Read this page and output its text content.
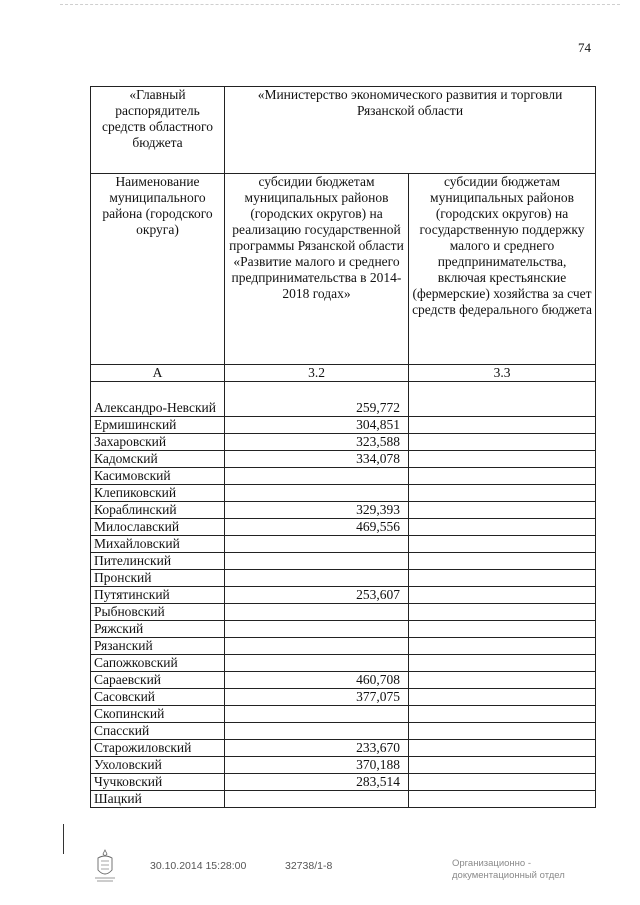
74
«Главный распорядитель средств областного бюджета	«Министерство экономического развития и торговли Рязанской области	
Наименование муниципального района (городского округа)	субсидии бюджетам муниципальных районов (городских округов) на реализацию государственной программы Рязанской области «Развитие малого и среднего предпринимательства в 2014-2018 годах»	субсидии бюджетам муниципальных районов (городских округов) на государственную поддержку малого и среднего предпринимательства, включая крестьянские (фермерские) хозяйства за счет средств федерального бюджета
А	3.2	3.3
Александро-Невский	259,772	
Ермишинский	304,851	
Захаровский	323,588	
Кадомский	334,078	
Касимовский		
Клепиковский		
Кораблинский	329,393	
Милославский	469,556	
Михайловский		
Пителинский		
Пронский		
Путятинский	253,607	
Рыбновский		
Ряжский		
Рязанский		
Сапожковский		
Сараевский	460,708	
Сасовский	377,075	
Скопинский		
Спасский		
Старожиловский	233,670	
Ухоловский	370,188	
Чучковский	283,514	
Шацкий		
30.10.2014 15:28:00	32738/1-8	Организационно -
документационный отдел
